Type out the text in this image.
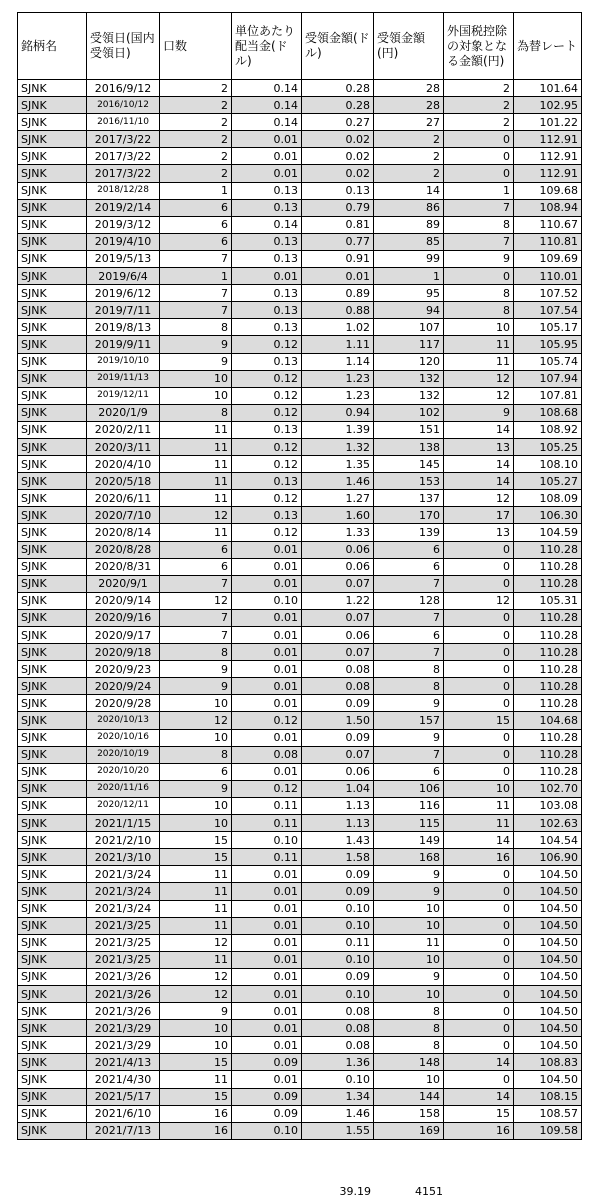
銘柄名	受領日(国内受領日)	口数	単位あたり配当金(ドル)	受領金額(ドル)	受領金額(円)	外国税控除の対象となる金額(円)	為替レート
SJNK	2016/9/12	2	0.14	0.28	28	2	101.64
SJNK	2016/10/12	2	0.14	0.28	28	2	102.95
SJNK	2016/11/10	2	0.14	0.27	27	2	101.22
SJNK	2017/3/22	2	0.01	0.02	2	0	112.91
SJNK	2017/3/22	2	0.01	0.02	2	0	112.91
SJNK	2017/3/22	2	0.01	0.02	2	0	112.91
SJNK	2018/12/28	1	0.13	0.13	14	1	109.68
SJNK	2019/2/14	6	0.13	0.79	86	7	108.94
SJNK	2019/3/12	6	0.14	0.81	89	8	110.67
SJNK	2019/4/10	6	0.13	0.77	85	7	110.81
SJNK	2019/5/13	7	0.13	0.91	99	9	109.69
SJNK	2019/6/4	1	0.01	0.01	1	0	110.01
SJNK	2019/6/12	7	0.13	0.89	95	8	107.52
SJNK	2019/7/11	7	0.13	0.88	94	8	107.54
SJNK	2019/8/13	8	0.13	1.02	107	10	105.17
SJNK	2019/9/11	9	0.12	1.11	117	11	105.95
SJNK	2019/10/10	9	0.13	1.14	120	11	105.74
SJNK	2019/11/13	10	0.12	1.23	132	12	107.94
SJNK	2019/12/11	10	0.12	1.23	132	12	107.81
SJNK	2020/1/9	8	0.12	0.94	102	9	108.68
SJNK	2020/2/11	11	0.13	1.39	151	14	108.92
SJNK	2020/3/11	11	0.12	1.32	138	13	105.25
SJNK	2020/4/10	11	0.12	1.35	145	14	108.10
SJNK	2020/5/18	11	0.13	1.46	153	14	105.27
SJNK	2020/6/11	11	0.12	1.27	137	12	108.09
SJNK	2020/7/10	12	0.13	1.60	170	17	106.30
SJNK	2020/8/14	11	0.12	1.33	139	13	104.59
SJNK	2020/8/28	6	0.01	0.06	6	0	110.28
SJNK	2020/8/31	6	0.01	0.06	6	0	110.28
SJNK	2020/9/1	7	0.01	0.07	7	0	110.28
SJNK	2020/9/14	12	0.10	1.22	128	12	105.31
SJNK	2020/9/16	7	0.01	0.07	7	0	110.28
SJNK	2020/9/17	7	0.01	0.06	6	0	110.28
SJNK	2020/9/18	8	0.01	0.07	7	0	110.28
SJNK	2020/9/23	9	0.01	0.08	8	0	110.28
SJNK	2020/9/24	9	0.01	0.08	8	0	110.28
SJNK	2020/9/28	10	0.01	0.09	9	0	110.28
SJNK	2020/10/13	12	0.12	1.50	157	15	104.68
SJNK	2020/10/16	10	0.01	0.09	9	0	110.28
SJNK	2020/10/19	8	0.08	0.07	7	0	110.28
SJNK	2020/10/20	6	0.01	0.06	6	0	110.28
SJNK	2020/11/16	9	0.12	1.04	106	10	102.70
SJNK	2020/12/11	10	0.11	1.13	116	11	103.08
SJNK	2021/1/15	10	0.11	1.13	115	11	102.63
SJNK	2021/2/10	15	0.10	1.43	149	14	104.54
SJNK	2021/3/10	15	0.11	1.58	168	16	106.90
SJNK	2021/3/24	11	0.01	0.09	9	0	104.50
SJNK	2021/3/24	11	0.01	0.09	9	0	104.50
SJNK	2021/3/24	11	0.01	0.10	10	0	104.50
SJNK	2021/3/25	11	0.01	0.10	10	0	104.50
SJNK	2021/3/25	12	0.01	0.11	11	0	104.50
SJNK	2021/3/25	11	0.01	0.10	10	0	104.50
SJNK	2021/3/26	12	0.01	0.09	9	0	104.50
SJNK	2021/3/26	12	0.01	0.10	10	0	104.50
SJNK	2021/3/26	9	0.01	0.08	8	0	104.50
SJNK	2021/3/29	10	0.01	0.08	8	0	104.50
SJNK	2021/3/29	10	0.01	0.08	8	0	104.50
SJNK	2021/4/13	15	0.09	1.36	148	14	108.83
SJNK	2021/4/30	11	0.01	0.10	10	0	104.50
SJNK	2021/5/17	15	0.09	1.34	144	14	108.15
SJNK	2021/6/10	16	0.09	1.46	158	15	108.57
SJNK	2021/7/13	16	0.10	1.55	169	16	109.58
39.19	4151
